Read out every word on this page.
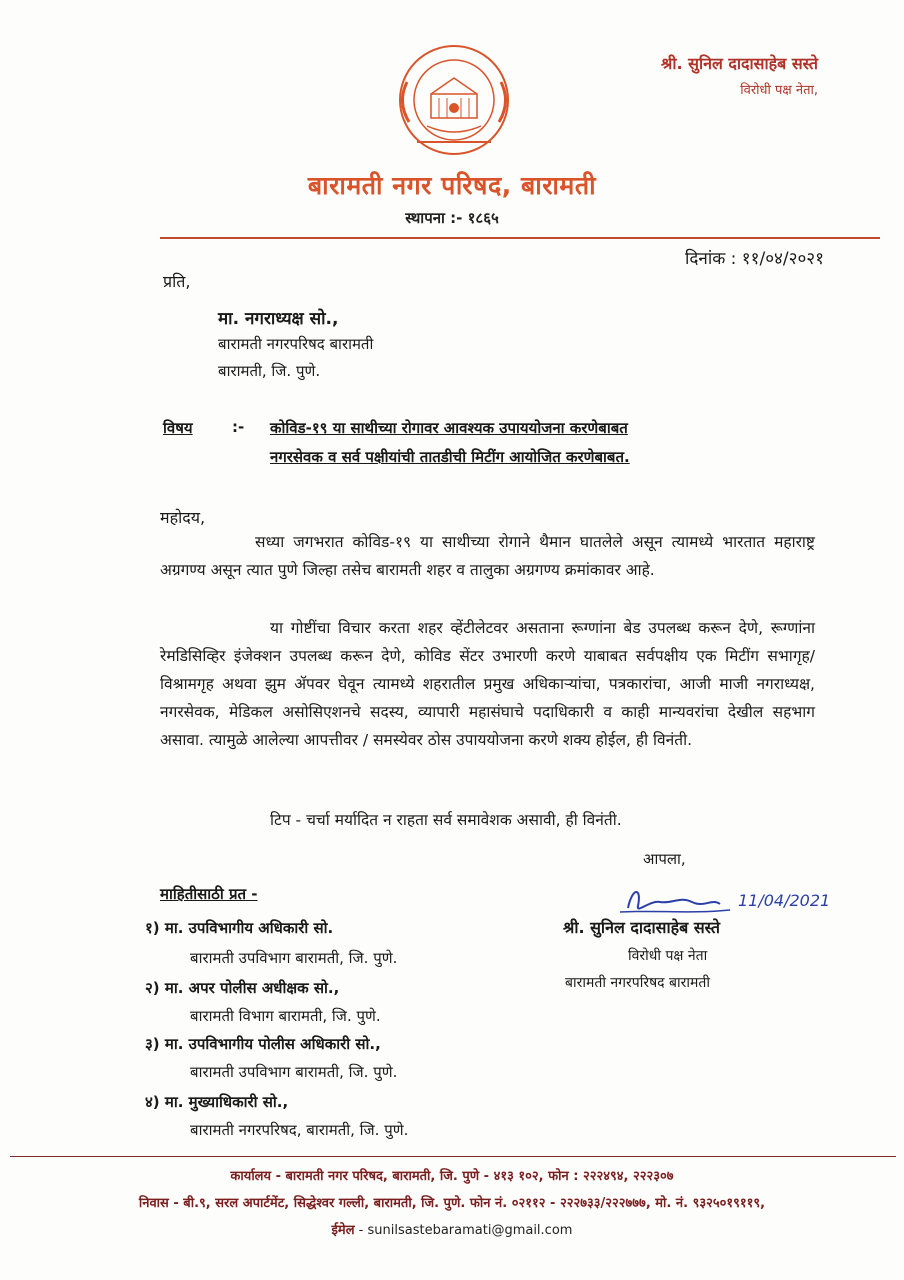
श्री. सुनिल दादासाहेब सस्ते
विरोधी पक्ष नेता,
बारामती नगर परिषद, बारामती
स्थापना :- १८६५
दिनांक : ११/०४/२०२१
प्रति,
मा. नगराध्यक्ष सो.,
बारामती नगरपरिषद बारामती
बारामती, जि. पुणे.
विषय	:- कोविड-१९ या साथीच्या रोगावर आवश्यक उपाययोजना करणेबाबत
नगरसेवक व सर्व पक्षीयांची तातडीची मिटींग आयोजित करणेबाबत.
महोदय,
सध्या जगभरात कोविड-१९ या साथीच्या रोगाने थैमान घातलेले असून त्यामध्ये भारतात महाराष्ट्र अग्रगण्य असून त्यात पुणे जिल्हा तसेच बारामती शहर व तालुका अग्रगण्य क्रमांकावर आहे.
या गोष्टींचा विचार करता शहर व्हेंटीलेटवर असताना रूग्णांना बेड उपलब्ध करून देणे, रूग्णांना रेमडिसिव्हिर इंजेक्शन उपलब्ध करून देणे, कोविड सेंटर उभारणी करणे याबाबत सर्वपक्षीय एक मिटींग सभागृह/विश्रामगृह अथवा झुम ॲपवर घेवून त्यामध्ये शहरातील प्रमुख अधिकाऱ्यांचा, पत्रकारांचा, आजी माजी नगराध्यक्ष, नगरसेवक, मेडिकल असोसिएशनचे सदस्य, व्यापारी महासंघाचे पदाधिकारी व काही मान्यवरांचा देखील सहभाग असावा. त्यामुळे आलेल्या आपत्तीवर / समस्येवर ठोस उपाययोजना करणे शक्य होईल, ही विनंती.
टिप - चर्चा मर्यादित न राहता सर्व समावेशक असावी, ही विनंती.
आपला,
11/04/2021
श्री. सुनिल दादासाहेब सस्ते
विरोधी पक्ष नेता
बारामती नगरपरिषद बारामती
माहितीसाठी प्रत -
१) मा. उपविभागीय अधिकारी सो.
बारामती उपविभाग बारामती, जि. पुणे.
२) मा. अपर पोलीस अधीक्षक सो.,
बारामती विभाग बारामती, जि. पुणे.
३) मा. उपविभागीय पोलीस अधिकारी सो.,
बारामती उपविभाग बारामती, जि. पुणे.
४) मा. मुख्याधिकारी सो.,
बारामती नगरपरिषद, बारामती, जि. पुणे.
कार्यालय - बारामती नगर परिषद, बारामती, जि. पुणे - ४१३ १०२, फोन : २२२४९४, २२२३०७
निवास - बी.९, सरल अपार्टमेंट, सिद्धेश्वर गल्ली, बारामती, जि. पुणे. फोन नं. ०२११२ - २२२७३३/२२२७७७, मो. नं. ९३२५०१९११९,
ईमेल - sunilsastebaramati@gmail.com
